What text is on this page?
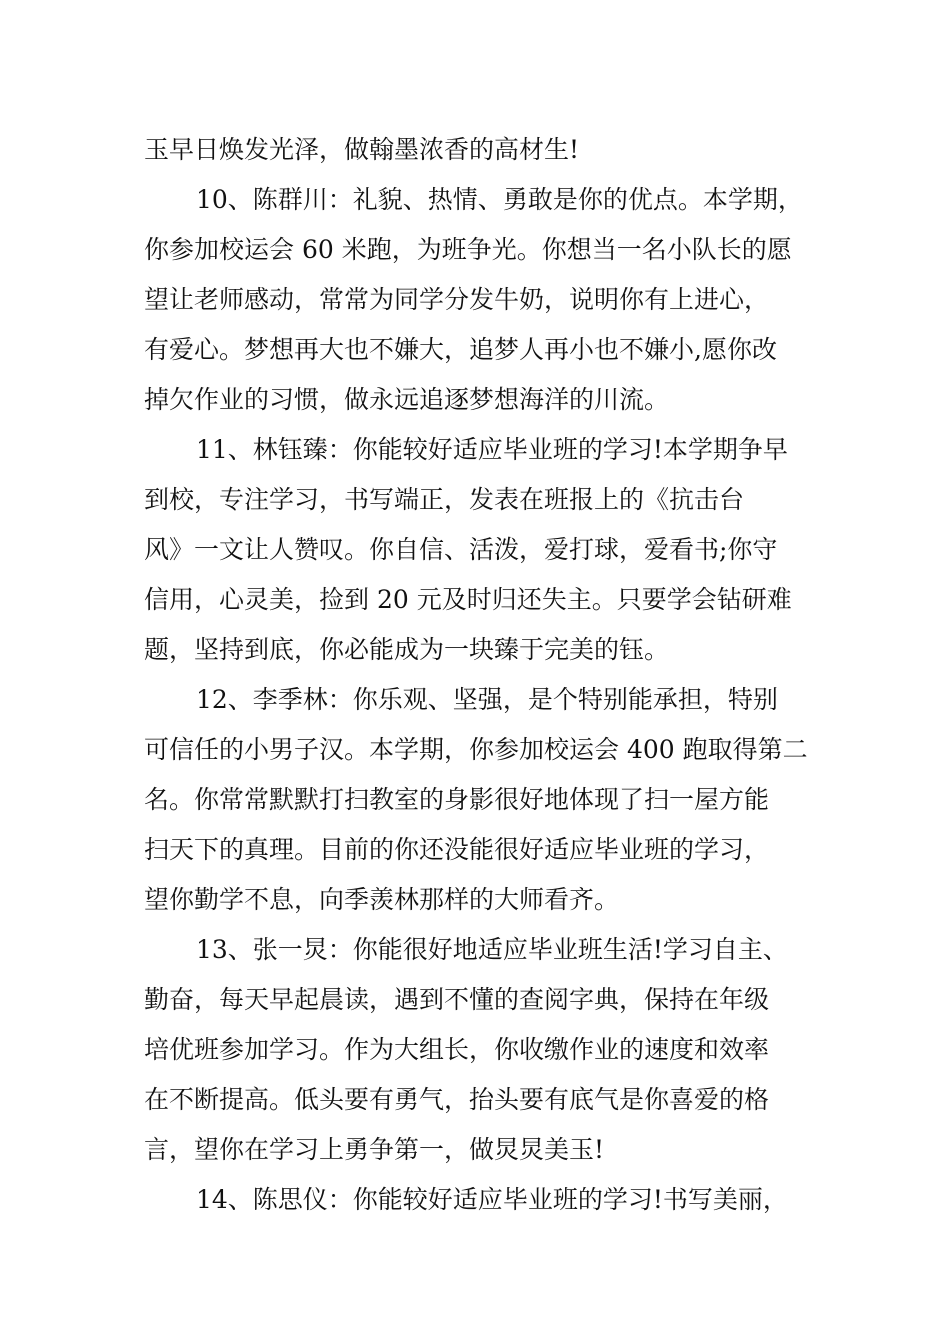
玉早日焕发光泽，做翰墨浓香的高材生!

10、陈群川：礼貌、热情、勇敢是你的优点。本学期，

你参加校运会 60 米跑，为班争光。你想当一名小队长的愿

望让老师感动，常常为同学分发牛奶，说明你有上进心，

有爱心。梦想再大也不嫌大，追梦人再小也不嫌小,愿你改

掉欠作业的习惯，做永远追逐梦想海洋的川流。

11、林钰臻：你能较好适应毕业班的学习!本学期争早

到校，专注学习，书写端正，发表在班报上的《抗击台

风》一文让人赞叹。你自信、活泼，爱打球，爱看书;你守

信用，心灵美，捡到 20 元及时归还失主。只要学会钻研难

题，坚持到底，你必能成为一块臻于完美的钰。

12、李季林：你乐观、坚强，是个特别能承担，特别

可信任的小男子汉。本学期，你参加校运会 400 跑取得第二

名。你常常默默打扫教室的身影很好地体现了扫一屋方能

扫天下的真理。目前的你还没能很好适应毕业班的学习，

望你勤学不息，向季羡林那样的大师看齐。

13、张一炅：你能很好地适应毕业班生活!学习自主、

勤奋，每天早起晨读，遇到不懂的查阅字典，保持在年级

培优班参加学习。作为大组长，你收缴作业的速度和效率

在不断提高。低头要有勇气，抬头要有底气是你喜爱的格

言，望你在学习上勇争第一，做炅炅美玉!

14、陈思仪：你能较好适应毕业班的学习!书写美丽，
